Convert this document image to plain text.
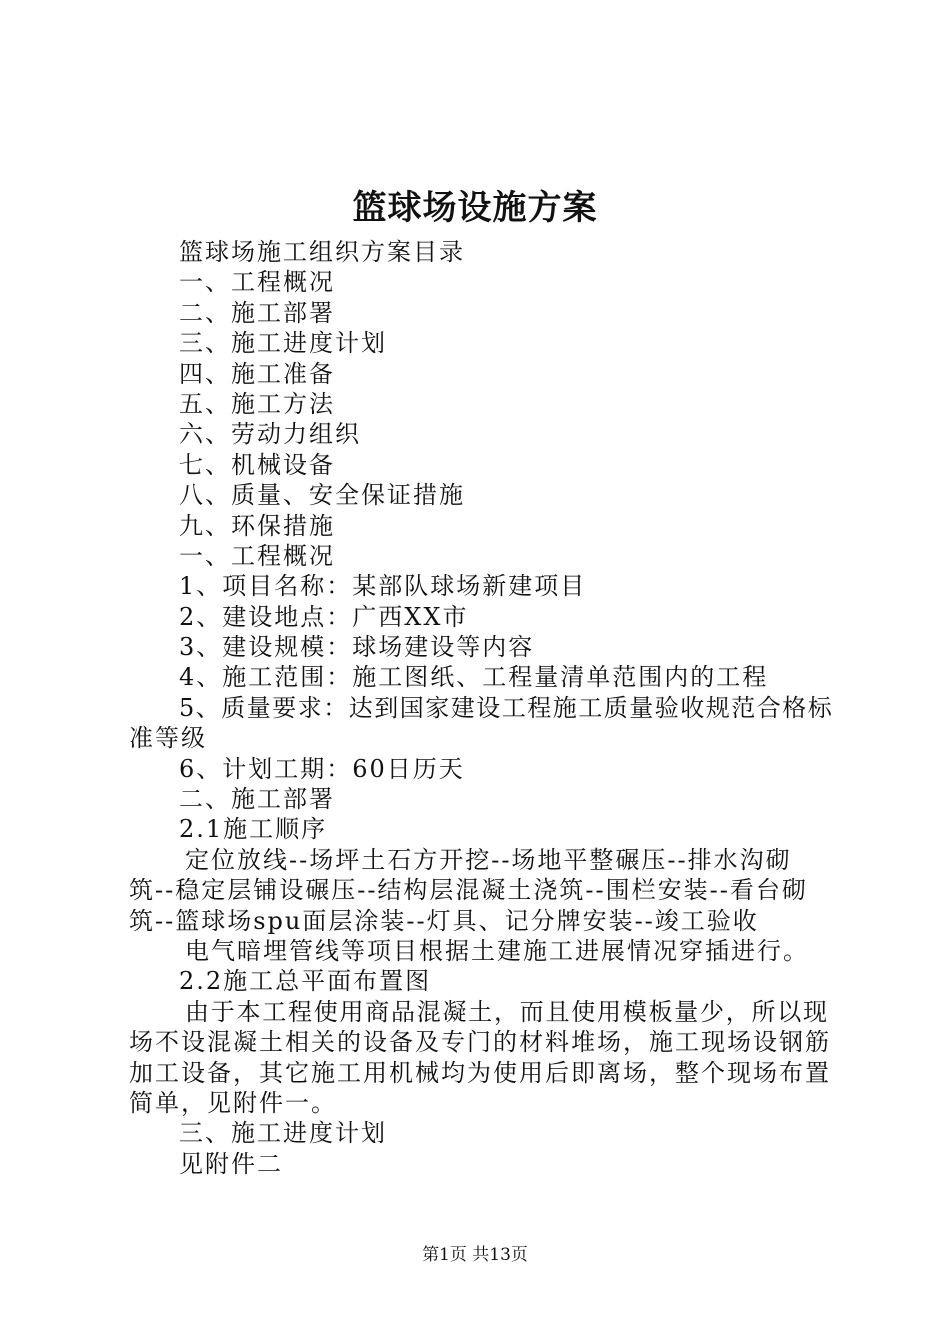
篮球场设施方案
篮球场施工组织方案目录
一、工程概况
二、施工部署
三、施工进度计划
四、施工准备
五、施工方法
六、劳动力组织
七、机械设备
八、质量、安全保证措施
九、环保措施
一、工程概况
1、项目名称：某部队球场新建项目
2、建设地点：广西XX市
3、建设规模：球场建设等内容
4、施工范围：施工图纸、工程量清单范围内的工程
5、质量要求：达到国家建设工程施工质量验收规范合格标
准等级
6、计划工期：60日历天
二、施工部署
2.1施工顺序
定位放线--场坪土石方开挖--场地平整碾压--排水沟砌
筑--稳定层铺设碾压--结构层混凝土浇筑--围栏安装--看台砌
筑--篮球场spu面层涂装--灯具、记分牌安装--竣工验收
电气暗埋管线等项目根据土建施工进展情况穿插进行。
2.2施工总平面布置图
由于本工程使用商品混凝土，而且使用模板量少，所以现
场不设混凝土相关的设备及专门的材料堆场，施工现场设钢筋
加工设备，其它施工用机械均为使用后即离场，整个现场布置
简单，见附件一。
三、施工进度计划
见附件二
第1页 共13页
